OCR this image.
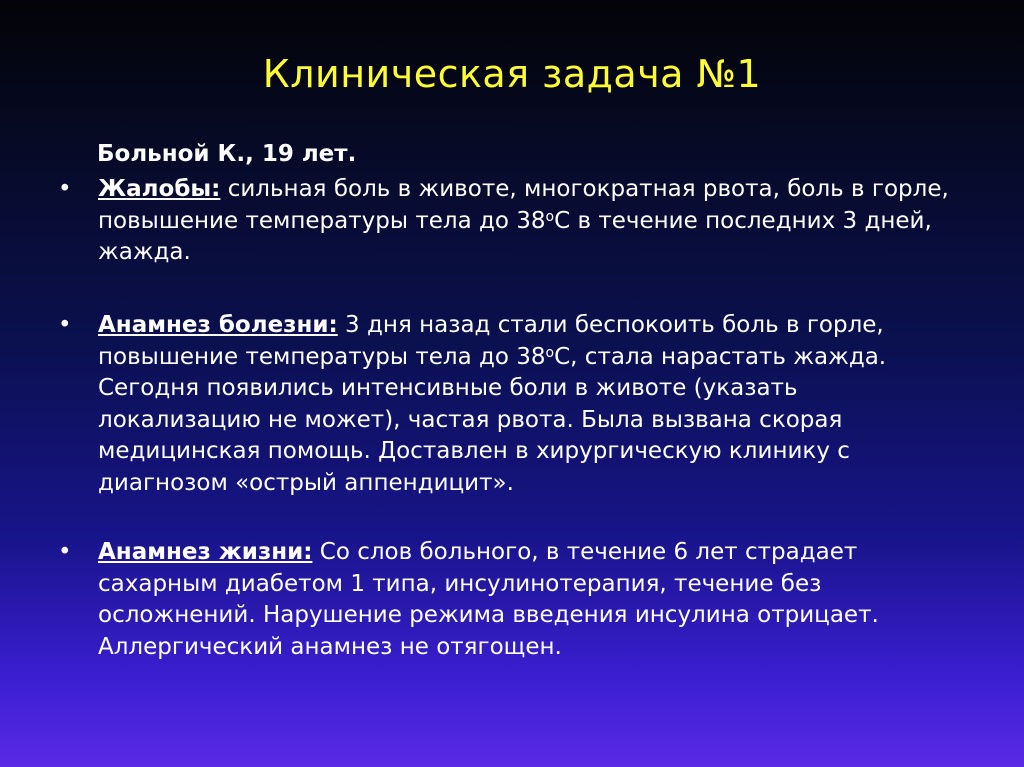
Клиническая задача №1
Больной К., 19 лет.
•	Жалобы: сильная боль в животе, многократная рвота, боль в горле, повышение температуры тела до $38^оС$ в течение последних 3 дней, жажда.
•	Анамнез болезни: 3 дня назад стали беспокоить боль в горле, повышение температуры тела до $38^оС$, стала нарастать жажда. Сегодня появились интенсивные боли в животе (указать локализацию не может), частая рвота. Была вызвана скорая медицинская помощь. Доставлен в хирургическую клинику с диагнозом «острый аппендицит».
•	Анамнез жизни: Со слов больного, в течение 6 лет страдает сахарным диабетом 1 типа, инсулинотерапия, течение без осложнений. Нарушение режима введения инсулина отрицает. Аллергический анамнез не отягощен.
